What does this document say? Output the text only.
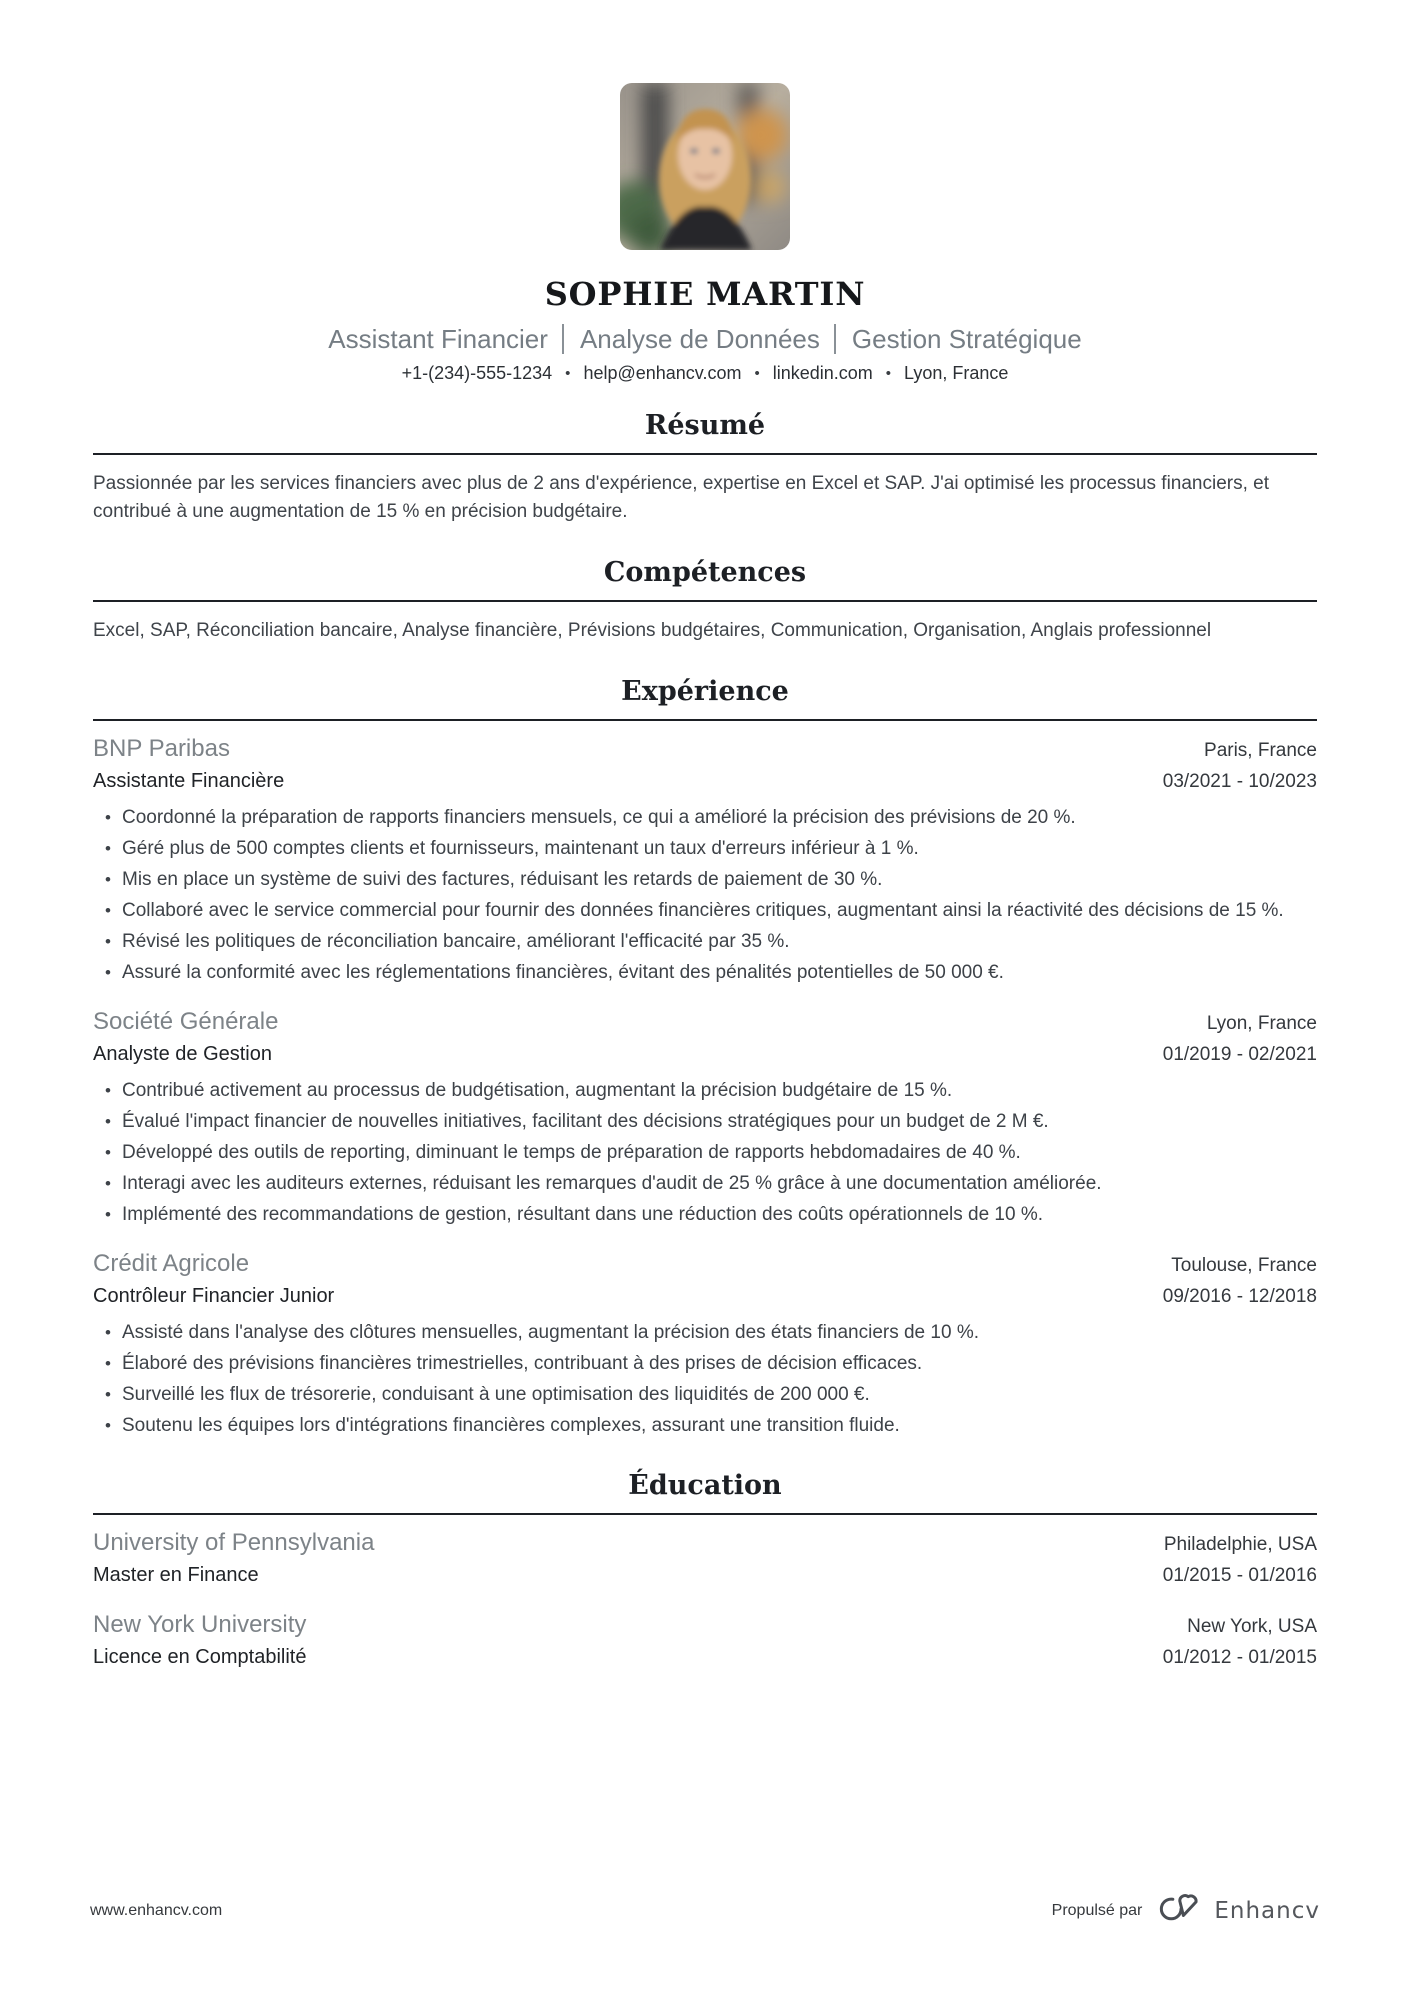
SOPHIE MARTIN
Assistant Financier Analyse de Données Gestion Stratégique
+1-(234)-555-1234 • help@enhancv.com • linkedin.com • Lyon, France
Résumé

Passionnée par les services financiers avec plus de 2 ans d'expérience, expertise en Excel et SAP. J'ai optimisé les processus financiers, et contribué à une augmentation de 15 % en précision budgétaire.

Compétences

Excel, SAP, Réconciliation bancaire, Analyse financière, Prévisions budgétaires, Communication, Organisation, Anglais professionnel

Expérience
BNP Paribas	Paris, France
Assistante Financière	03/2021 - 10/2023
• Coordonné la préparation de rapports financiers mensuels, ce qui a amélioré la précision des prévisions de 20 %.
• Géré plus de 500 comptes clients et fournisseurs, maintenant un taux d'erreurs inférieur à 1 %.
• Mis en place un système de suivi des factures, réduisant les retards de paiement de 30 %.
• Collaboré avec le service commercial pour fournir des données financières critiques, augmentant ainsi la réactivité des décisions de 15 %.
• Révisé les politiques de réconciliation bancaire, améliorant l'efficacité par 35 %.
• Assuré la conformité avec les réglementations financières, évitant des pénalités potentielles de 50 000 €.
Société Générale	Lyon, France
Analyste de Gestion	01/2019 - 02/2021
• Contribué activement au processus de budgétisation, augmentant la précision budgétaire de 15 %.
• Évalué l'impact financier de nouvelles initiatives, facilitant des décisions stratégiques pour un budget de 2 M €.
• Développé des outils de reporting, diminuant le temps de préparation de rapports hebdomadaires de 40 %.
• Interagi avec les auditeurs externes, réduisant les remarques d'audit de 25 % grâce à une documentation améliorée.
• Implémenté des recommandations de gestion, résultant dans une réduction des coûts opérationnels de 10 %.
Crédit Agricole	Toulouse, France
Contrôleur Financier Junior	09/2016 - 12/2018
• Assisté dans l'analyse des clôtures mensuelles, augmentant la précision des états financiers de 10 %.
• Élaboré des prévisions financières trimestrielles, contribuant à des prises de décision efficaces.
• Surveillé les flux de trésorerie, conduisant à une optimisation des liquidités de 200 000 €.
• Soutenu les équipes lors d'intégrations financières complexes, assurant une transition fluide.
Éducation
University of Pennsylvania	Philadelphie, USA
Master en Finance	01/2015 - 01/2016
New York University	New York, USA
Licence en Comptabilité	01/2012 - 01/2015
www.enhancv.com	Propulsé par	Enhancv
